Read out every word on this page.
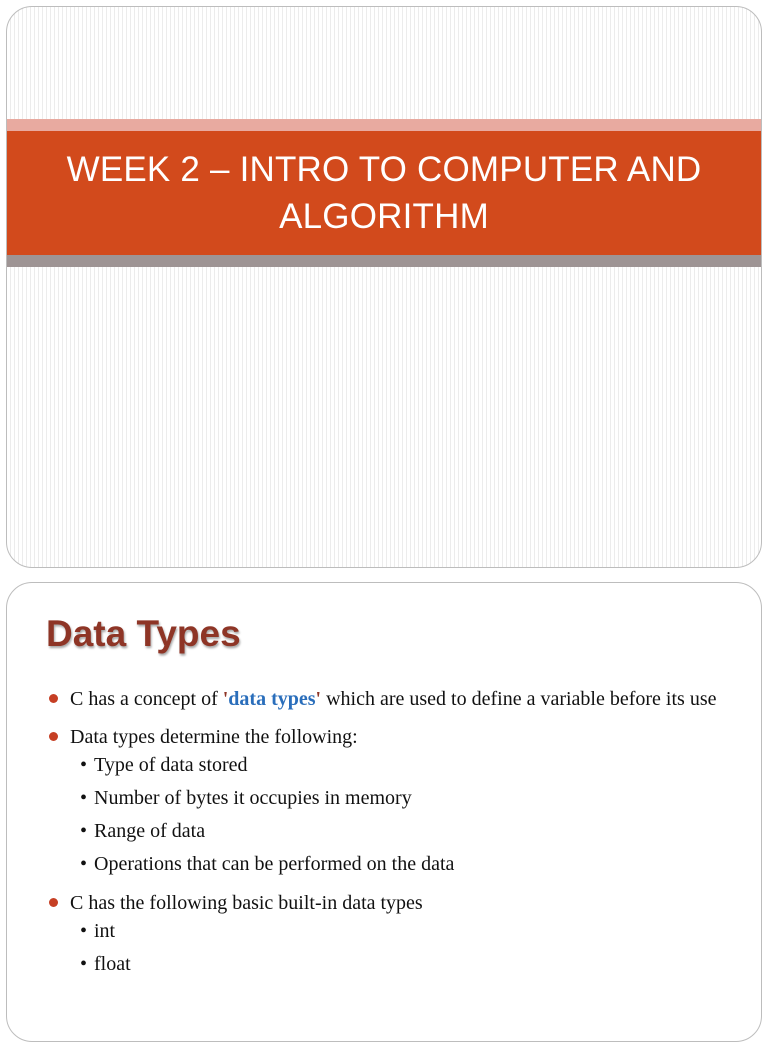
WEEK 2 – INTRO TO COMPUTER AND
ALGORITHM
Data Types
C has a concept of 'data types' which are used to define a variable before its use
Data types determine the following:
• Type of data stored
• Number of bytes it occupies in memory
• Range of data
• Operations that can be performed on the data
C has the following basic built-in data types
• int
• float
